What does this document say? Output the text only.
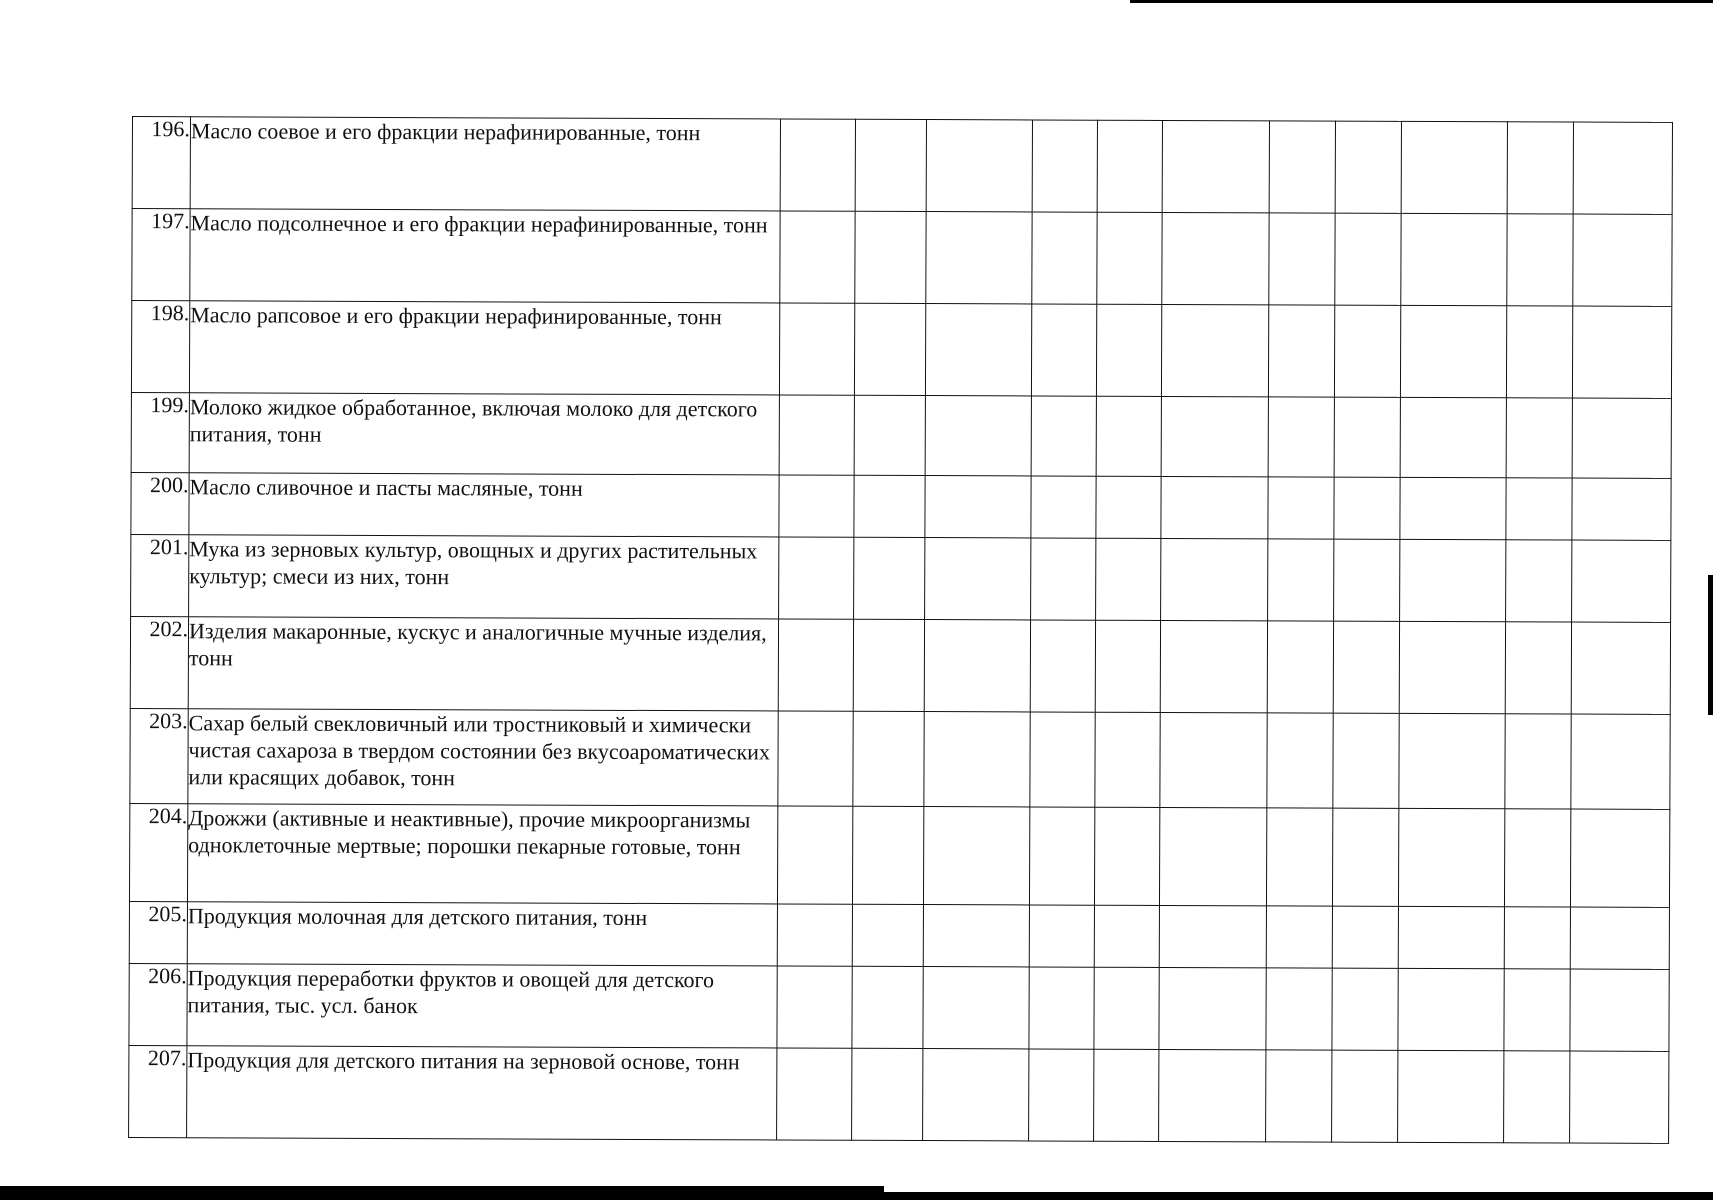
196.	Масло соевое и его фракции нерафинированные, тонн											
197.	Масло подсолнечное и его фракции нерафинированные, тонн											
198.	Масло рапсовое и его фракции нерафинированные, тонн											
199.	Молоко жидкое обработанное, включая молоко для детского питания, тонн											
200.	Масло сливочное и пасты масляные, тонн											
201.	Мука из зерновых культур, овощных и других растительных культур; смеси из них, тонн											
202.	Изделия макаронные, кускус и аналогичные мучные изделия, тонн											
203.	Сахар белый свекловичный или тростниковый и химически чистая сахароза в твердом состоянии без вкусоароматических или красящих добавок, тонн											
204.	Дрожжи (активные и неактивные), прочие микроорганизмы одноклеточные мертвые; порошки пекарные готовые, тонн											
205.	Продукция молочная для детского питания, тонн											
206.	Продукция переработки фруктов и овощей для детского питания, тыс. усл. банок											
207.	Продукция для детского питания на зерновой основе, тонн											
